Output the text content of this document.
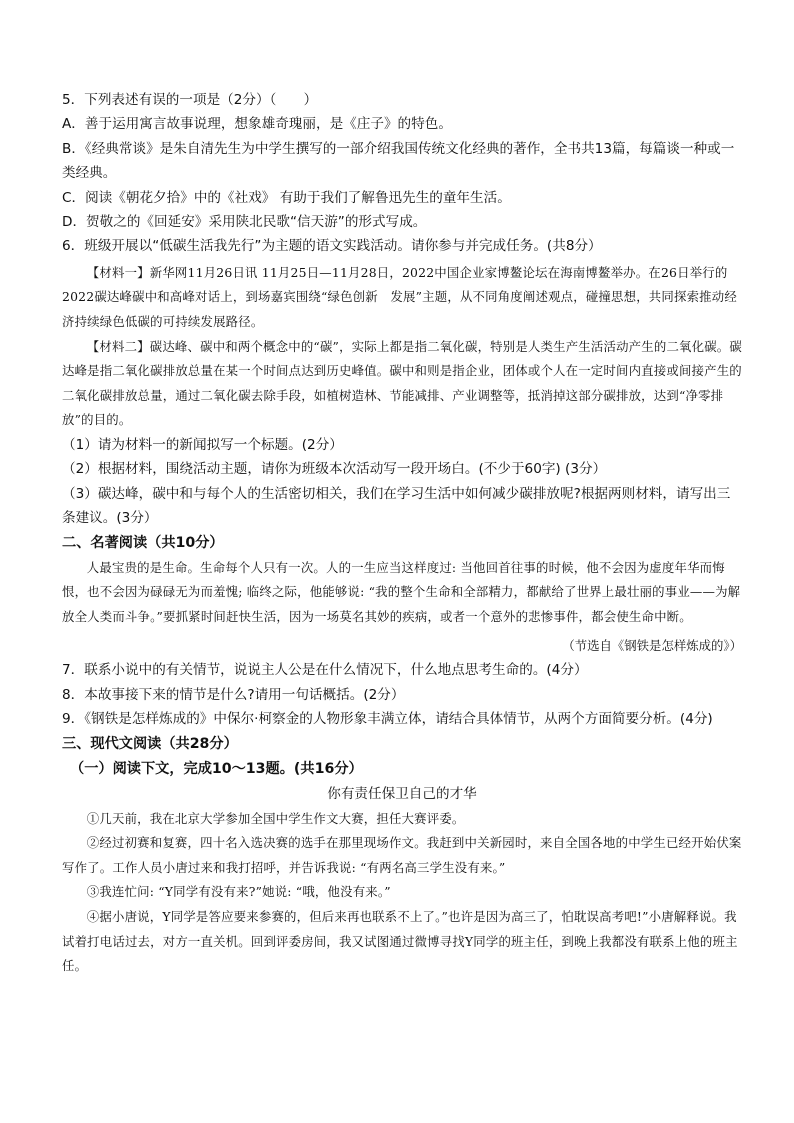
5．下列表述有误的一项是（2分）（　　）

A．善于运用寓言故事说理，想象雄奇瑰丽，是《庄子》的特色。

B．《经典常谈》是朱自清先生为中学生撰写的一部介绍我国传统文化经典的著作，全书共13篇，每篇谈一种或一类经典。

C．阅读《朝花夕拾》中的《社戏》 有助于我们了解鲁迅先生的童年生活。

D．贺敬之的《回延安》采用陕北民歌“信天游”的形式写成。

6．班级开展以“低碳生活我先行”为主题的语文实践活动。请你参与并完成任务。(共8分）

【材料一】新华网11月26日讯 11月25日—11月28日，2022中国企业家博鳌论坛在海南博鳌举办。在26日举行的2022碳达峰碳中和高峰对话上，到场嘉宾围绕“绿色创新　发展”主题，从不同角度阐述观点，碰撞思想，共同探索推动经济持续绿色低碳的可持续发展路径。

【材料二】碳达峰、碳中和两个概念中的“碳”，实际上都是指二氧化碳，特别是人类生产生活活动产生的二氧化碳。碳达峰是指二氧化碳排放总量在某一个时间点达到历史峰值。碳中和则是指企业，团体或个人在一定时间内直接或间接产生的二氧化碳排放总量，通过二氧化碳去除手段，如植树造林、节能减排、产业调整等，抵消掉这部分碳排放，达到“净零排放”的目的。

（1）请为材料一的新闻拟写一个标题。(2分）

（2）根据材料，围绕活动主题，请你为班级本次活动写一段开场白。(不少于60字) (3分）

（3）碳达峰，碳中和与每个人的生活密切相关，我们在学习生活中如何减少碳排放呢?根据两则材料，请写出三条建议。(3分）

二、名著阅读（共10分）

人最宝贵的是生命。生命每个人只有一次。人的一生应当这样度过: 当他回首往事的时候，他不会因为虚度年华而悔恨，也不会因为碌碌无为而羞愧; 临终之际，他能够说: “我的整个生命和全部精力，都献给了世界上最壮丽的事业——为解放全人类而斗争。”要抓紧时间赶快生活，因为一场莫名其妙的疾病，或者一个意外的悲惨事件，都会使生命中断。

（节选自《钢铁是怎样炼成的》）

7．联系小说中的有关情节，说说主人公是在什么情况下，什么地点思考生命的。(4分）

8．本故事接下来的情节是什么?请用一句话概括。(2分）

9．《钢铁是怎样炼成的》中保尔·柯察金的人物形象丰满立体，请结合具体情节，从两个方面简要分析。(4分)

三、现代文阅读（共28分）

（一）阅读下文，完成10～13题。(共16分）

你有责任保卫自己的才华

①几天前，我在北京大学参加全国中学生作文大赛，担任大赛评委。

②经过初赛和复赛，四十名入选决赛的选手在那里现场作文。我赶到中关新园时，来自全国各地的中学生已经开始伏案写作了。工作人员小唐过来和我打招呼，并告诉我说: “有两名高三学生没有来。”

③我连忙问: “Y同学有没有来?”她说: “哦，他没有来。”

④据小唐说，Y同学是答应要来参赛的，但后来再也联系不上了。”也许是因为高三了，怕耽误高考吧!”小唐解释说。我试着打电话过去，对方一直关机。回到评委房间，我又试图通过微博寻找Y同学的班主任，到晚上我都没有联系上他的班主任。
